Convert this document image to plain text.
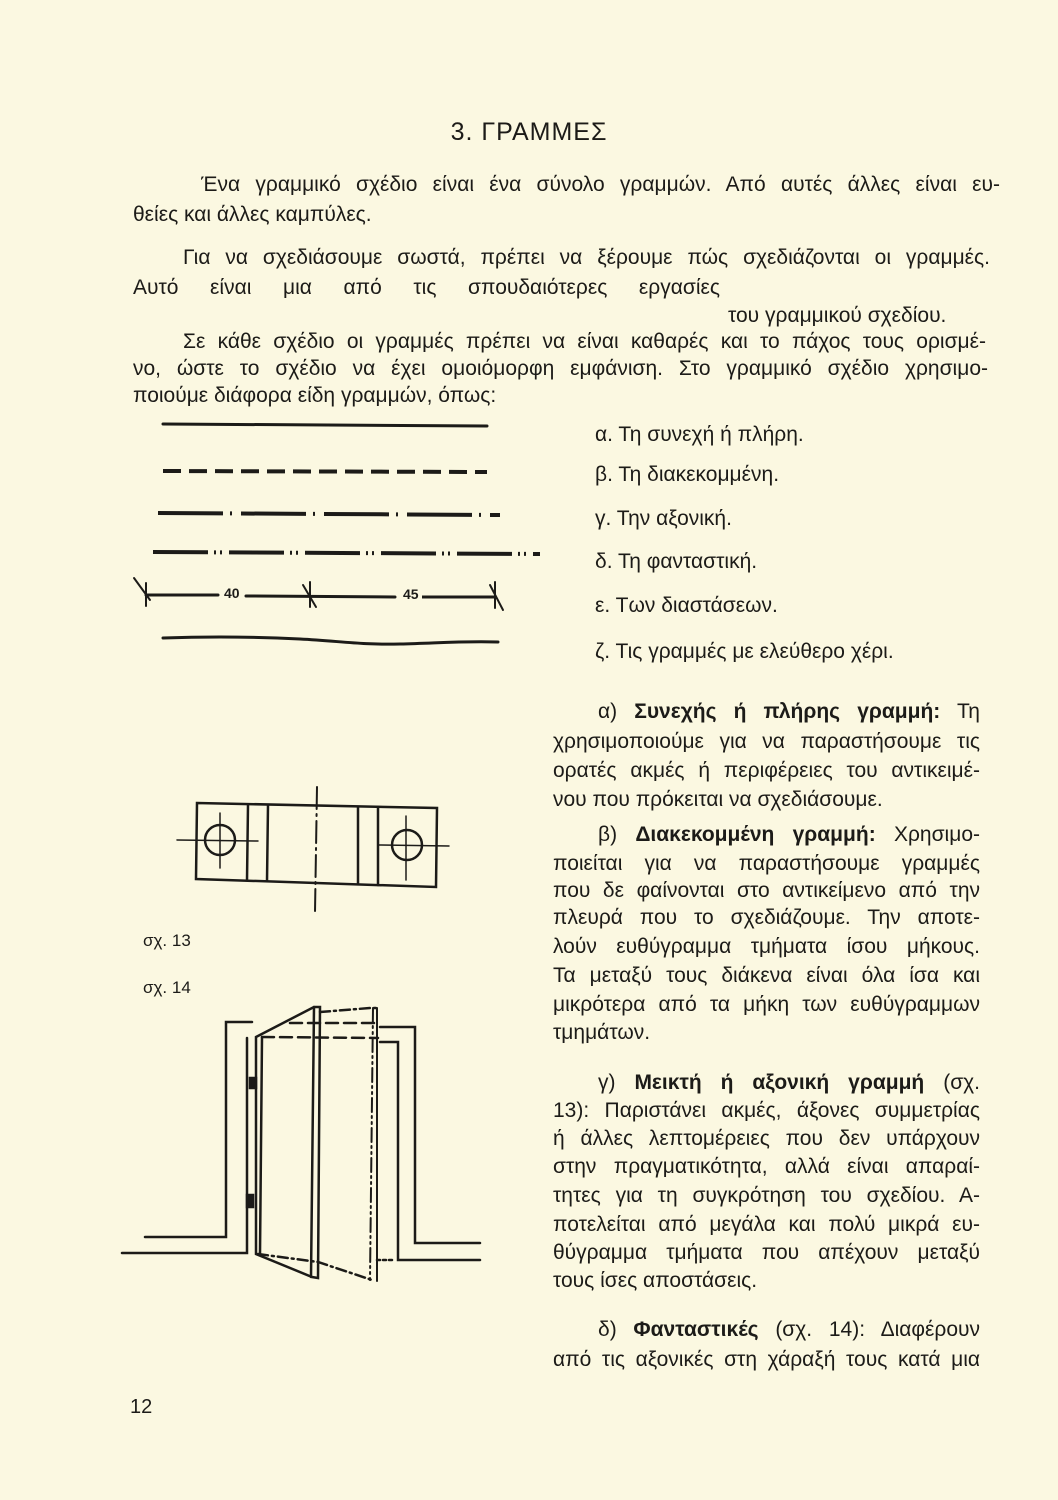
3. ΓΡΑΜΜΕΣ
Ένα γραμμικό σχέδιο είναι ένα σύνολο γραμμών. Από αυτές άλλες είναι ευ-
θείες και άλλες καμπύλες.
Για να σχεδιάσουμε σωστά, πρέπει να ξέρουμε πώς σχεδιάζονται οι γραμμές.
Αυτό είναι μια από τις σπουδαιότερες εργασίες
του γραμμικού σχεδίου.
Σε κάθε σχέδιο οι γραμμές πρέπει να είναι καθαρές και το πάχος τους ορισμέ-
νο, ώστε το σχέδιο να έχει ομοιόμορφη εμφάνιση. Στο γραμμικό σχέδιο χρησιμο-
ποιούμε διάφορα είδη γραμμών, όπως:
α) Συνεχής ή πλήρης γραμμή: Τη
χρησιμοποιούμε για να παραστήσουμε τις
ορατές ακμές ή περιφέρειες του αντικειμέ-
νου που πρόκειται να σχεδιάσουμε.
β) Διακεκομμένη γραμμή: Χρησιμο-
ποιείται για να παραστήσουμε γραμμές
που δε φαίνονται στο αντικείμενο από την
πλευρά που το σχεδιάζουμε. Την αποτε-
λούν ευθύγραμμα τμήματα ίσου μήκους.
Τα μεταξύ τους διάκενα είναι όλα ίσα και
μικρότερα από τα μήκη των ευθύγραμμων
τμημάτων.
γ) Μεικτή ή αξονική γραμμή (σχ.
13): Παριστάνει ακμές, άξονες συμμετρίας
ή άλλες λεπτομέρειες που δεν υπάρχουν
στην πραγματικότητα, αλλά είναι απαραί-
τητες για τη συγκρότηση του σχεδίου. Α-
ποτελείται από μεγάλα και πολύ μικρά ευ-
θύγραμμα τμήματα που απέχουν μεταξύ
τους ίσες αποστάσεις.
δ) Φανταστικές (σχ. 14): Διαφέρουν
από τις αξονικές στη χάραξή τους κατά μια
α. Τη συνεχή ή πλήρη.
β. Τη διακεκομμένη.
γ. Την αξονική.
δ. Τη φανταστική.
ε. Των διαστάσεων.
ζ. Τις γραμμές με ελεύθερο χέρι.
σχ. 13
σχ. 14
40	45
12
